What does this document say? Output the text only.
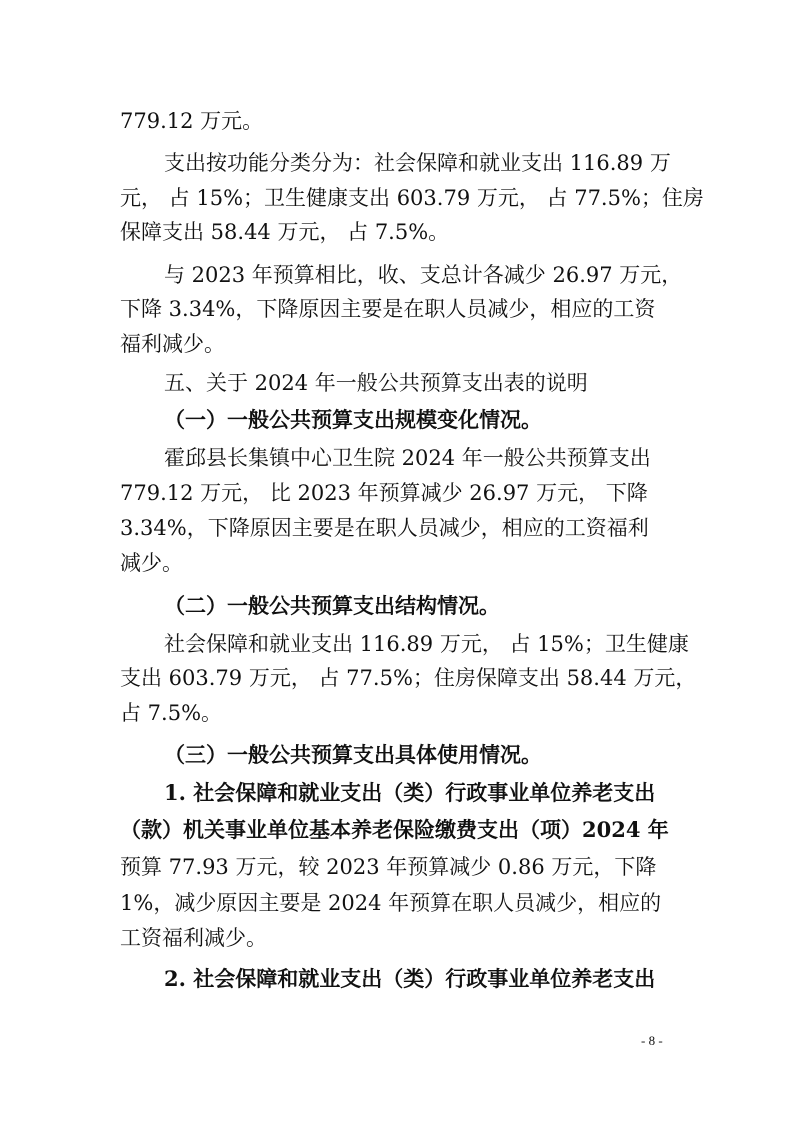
779.12 万元。
支出按功能分类分为：社会保障和就业支出 116.89 万
元， 占 15%；卫生健康支出 603.79 万元， 占 77.5%；住房
保障支出 58.44 万元， 占 7.5%。
与 2023 年预算相比，收、支总计各减少 26.97 万元，
下降 3.34%，下降原因主要是在职人员减少，相应的工资
福利减少。
五、关于 2024 年一般公共预算支出表的说明
（一）一般公共预算支出规模变化情况。
霍邱县长集镇中心卫生院 2024 年一般公共预算支出
779.12 万元， 比 2023 年预算减少 26.97 万元， 下降
3.34%，下降原因主要是在职人员减少，相应的工资福利
减少。
（二）一般公共预算支出结构情况。
社会保障和就业支出 116.89 万元， 占 15%；卫生健康
支出 603.79 万元， 占 77.5%；住房保障支出 58.44 万元，
占 7.5%。
（三）一般公共预算支出具体使用情况。
1. 社会保障和就业支出（类）行政事业单位养老支出
（款）机关事业单位基本养老保险缴费支出（项）2024 年
预算 77.93 万元，较 2023 年预算减少 0.86 万元，下降
1%，减少原因主要是 2024 年预算在职人员减少，相应的
工资福利减少。
2. 社会保障和就业支出（类）行政事业单位养老支出
- 8 -
